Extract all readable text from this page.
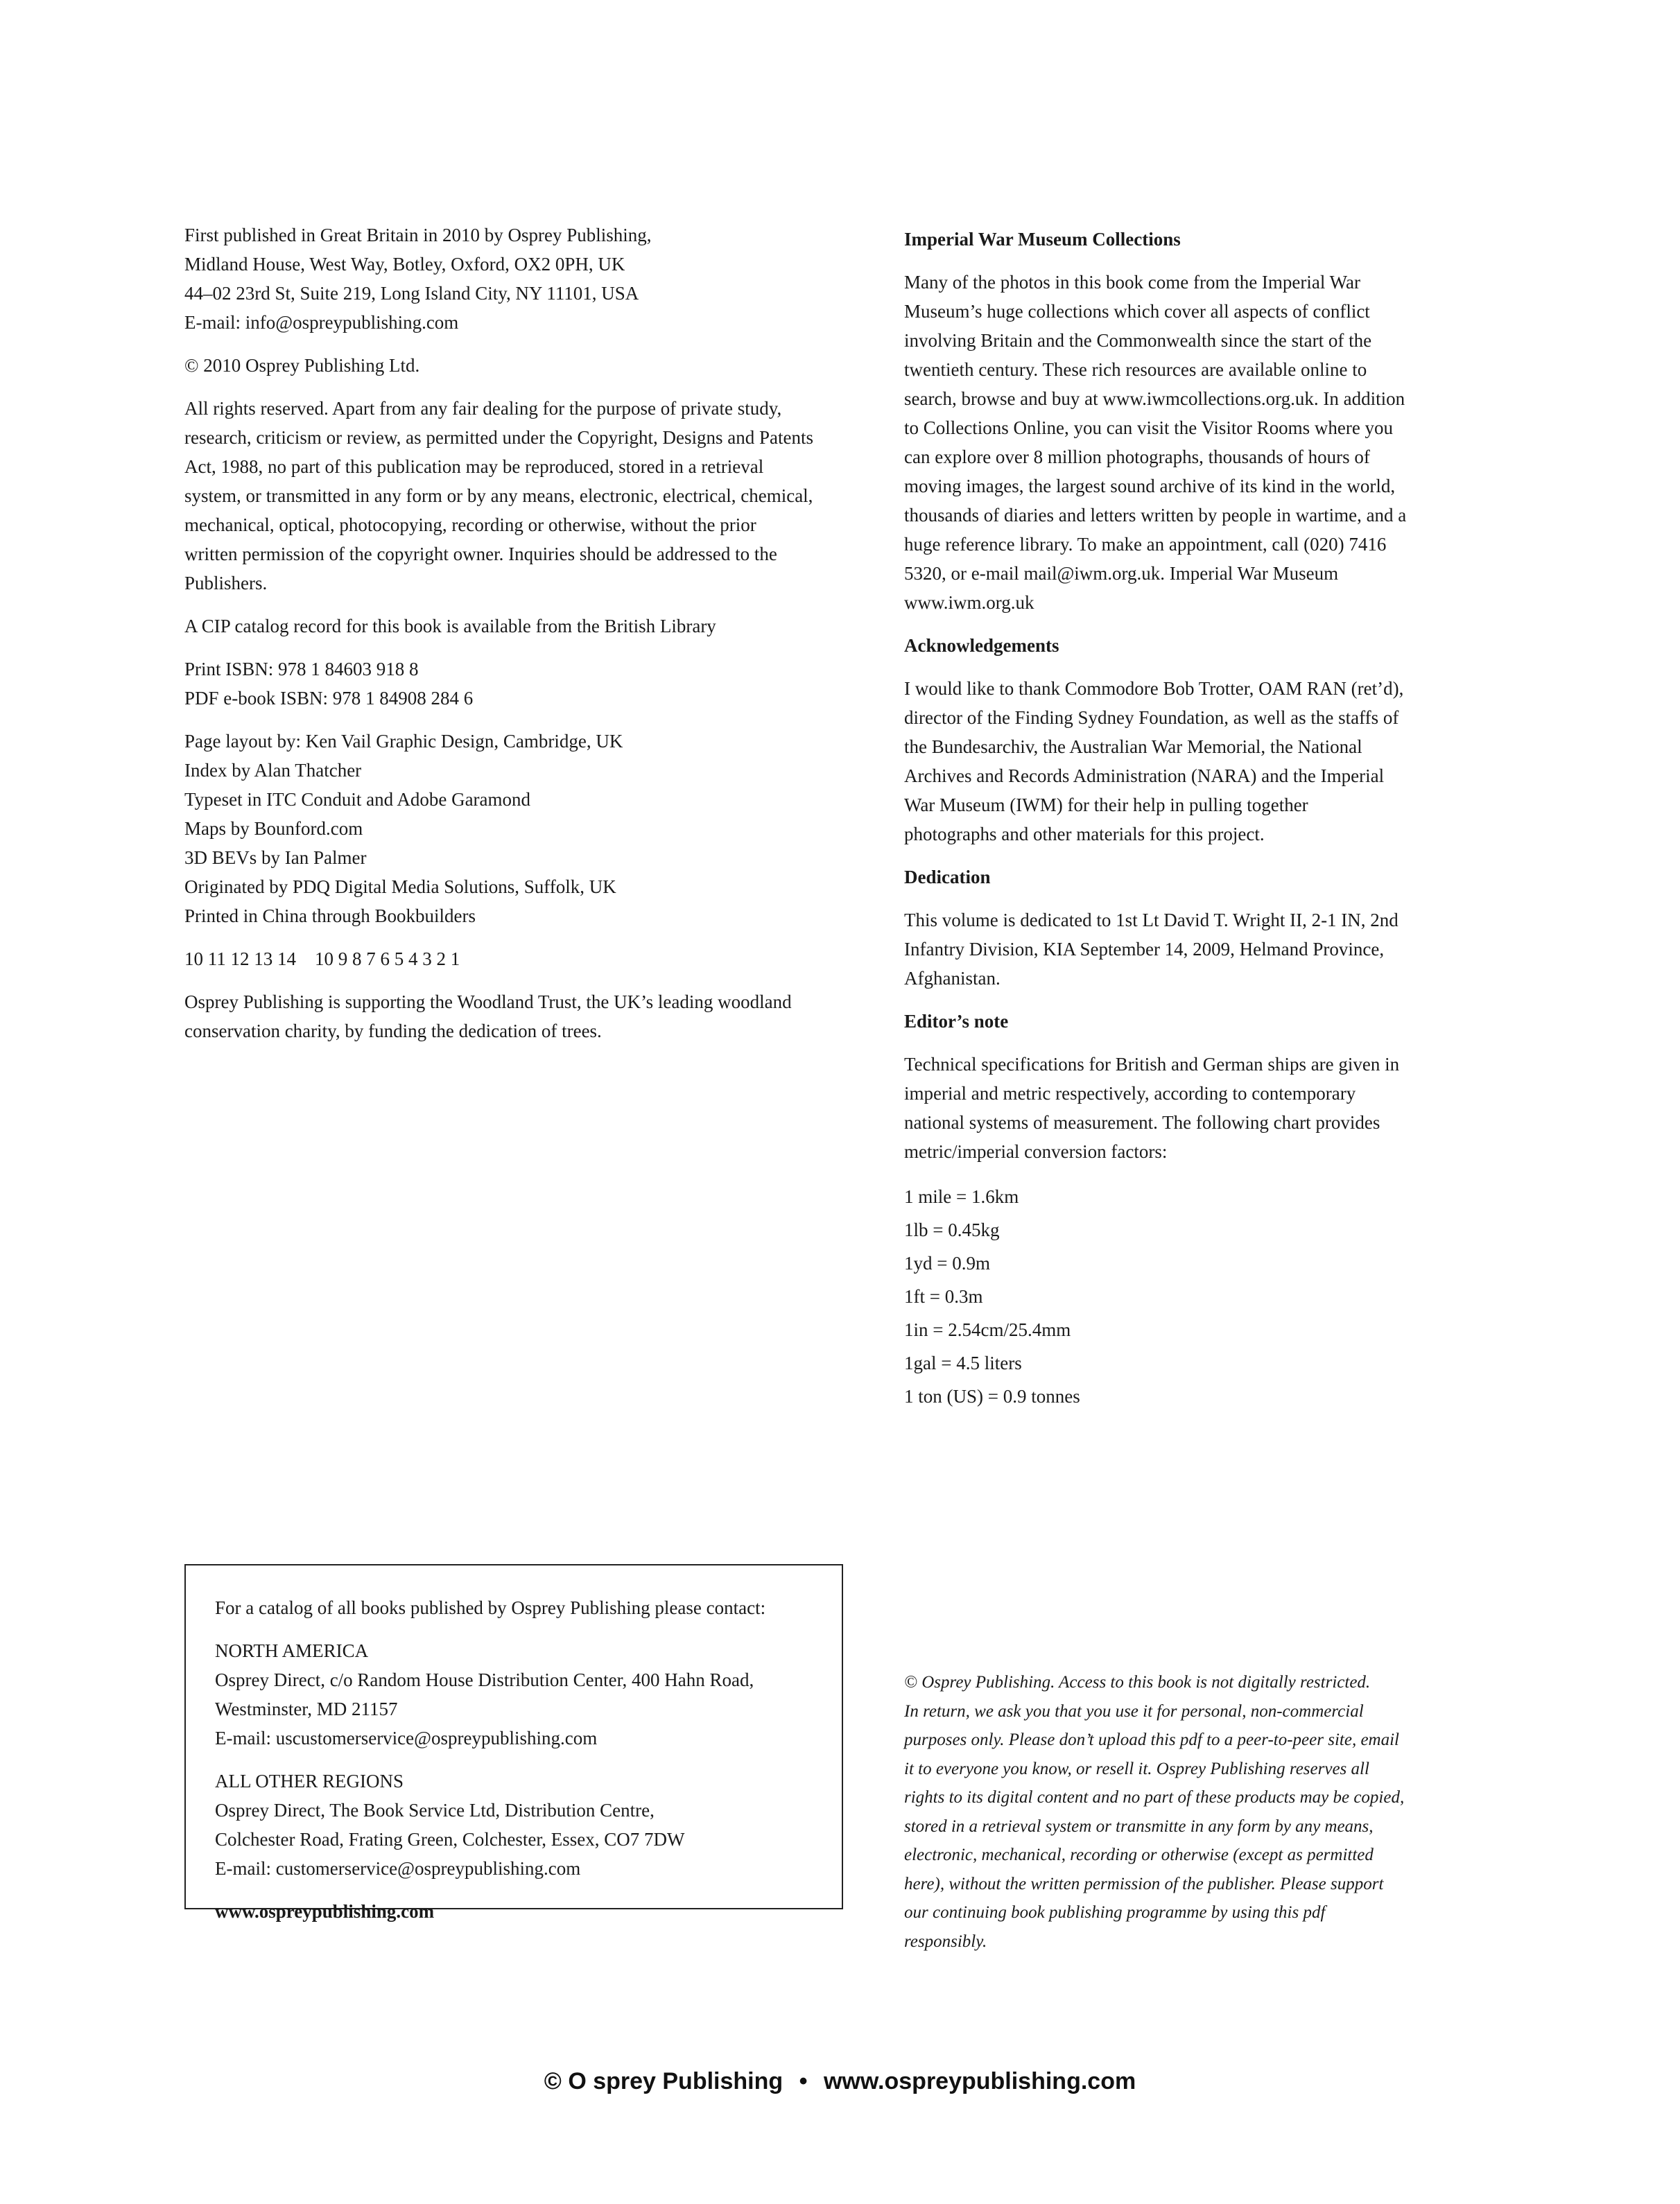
First published in Great Britain in 2010 by Osprey Publishing,
Midland House, West Way, Botley, Oxford, OX2 0PH, UK
44–02 23rd St, Suite 219, Long Island City, NY 11101, USA
E-mail: info@ospreypublishing.com

© 2010 Osprey Publishing Ltd.

All rights reserved. Apart from any fair dealing for the purpose of private study,
research, criticism or review, as permitted under the Copyright, Designs and Patents
Act, 1988, no part of this publication may be reproduced, stored in a retrieval
system, or transmitted in any form or by any means, electronic, electrical, chemical,
mechanical, optical, photocopying, recording or otherwise, without the prior
written permission of the copyright owner. Inquiries should be addressed to the
Publishers.

A CIP catalog record for this book is available from the British Library

Print ISBN: 978 1 84603 918 8
PDF e-book ISBN: 978 1 84908 284 6

Page layout by: Ken Vail Graphic Design, Cambridge, UK
Index by Alan Thatcher
Typeset in ITC Conduit and Adobe Garamond
Maps by Bounford.com
3D BEVs by Ian Palmer
Originated by PDQ Digital Media Solutions, Suffolk, UK
Printed in China through Bookbuilders

10 11 12 13 14    10 9 8 7 6 5 4 3 2 1

Osprey Publishing is supporting the Woodland Trust, the UK’s leading woodland
conservation charity, by funding the dedication of trees.

Imperial War Museum Collections

Many of the photos in this book come from the Imperial War
Museum’s huge collections which cover all aspects of conflict
involving Britain and the Commonwealth since the start of the
twentieth century. These rich resources are available online to
search, browse and buy at www.iwmcollections.org.uk. In addition
to Collections Online, you can visit the Visitor Rooms where you
can explore over 8 million photographs, thousands of hours of
moving images, the largest sound archive of its kind in the world,
thousands of diaries and letters written by people in wartime, and a
huge reference library. To make an appointment, call (020) 7416
5320, or e-mail mail@iwm.org.uk. Imperial War Museum
www.iwm.org.uk

Acknowledgements

I would like to thank Commodore Bob Trotter, OAM RAN (ret’d),
director of the Finding Sydney Foundation, as well as the staffs of
the Bundesarchiv, the Australian War Memorial, the National
Archives and Records Administration (NARA) and the Imperial
War Museum (IWM) for their help in pulling together
photographs and other materials for this project.

Dedication

This volume is dedicated to 1st Lt David T. Wright II, 2-1 IN, 2nd
Infantry Division, KIA September 14, 2009, Helmand Province,
Afghanistan.

Editor’s note

Technical specifications for British and German ships are given in
imperial and metric respectively, according to contemporary
national systems of measurement. The following chart provides
metric/imperial conversion factors:

1 mile = 1.6km

1lb = 0.45kg

1yd = 0.9m

1ft = 0.3m

1in = 2.54cm/25.4mm

1gal = 4.5 liters

1 ton (US) = 0.9 tonnes

For a catalog of all books published by Osprey Publishing please contact:

NORTH AMERICA

Osprey Direct, c/o Random House Distribution Center, 400 Hahn Road,
Westminster, MD 21157
E-mail: uscustomerservice@ospreypublishing.com

ALL OTHER REGIONS

Osprey Direct, The Book Service Ltd, Distribution Centre,
Colchester Road, Frating Green, Colchester, Essex, CO7 7DW
E-mail: customerservice@ospreypublishing.com

www.ospreypublishing.com

© Osprey Publishing. Access to this book is not digitally restricted.
In return, we ask you that you use it for personal, non-commercial
purposes only. Please don’t upload this pdf to a peer-to-peer site, email
it to everyone you know, or resell it. Osprey Publishing reserves all
rights to its digital content and no part of these products may be copied,
stored in a retrieval system or transmitte in any form by any means,
electronic, mechanical, recording or otherwise (except as permitted
here), without the written permission of the publisher. Please support
our continuing book publishing programme by using this pdf
responsibly.

© O sprey Publishing • www.ospreypublishing.com
